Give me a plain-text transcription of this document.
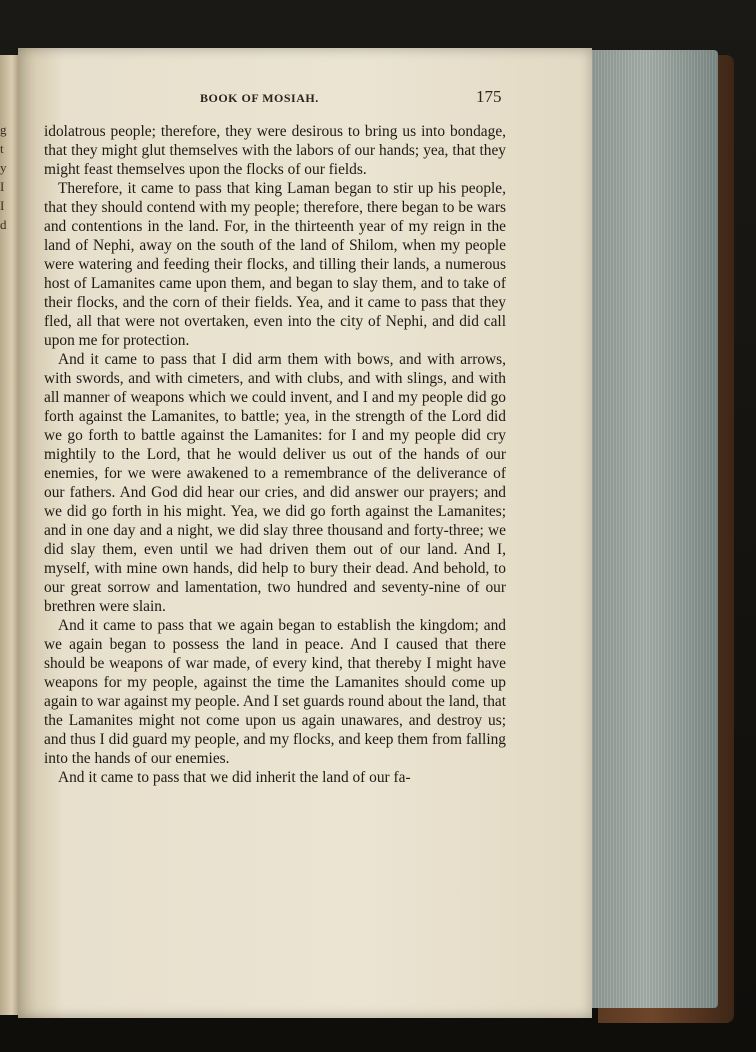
g
t
y
I
I
d
BOOK OF MOSIAH.	175

idolatrous people; therefore, they were desirous to bring us into bondage, that they might glut themselves with the labors of our hands; yea, that they might feast themselves upon the flocks of our fields.

Therefore, it came to pass that king Laman began to stir up his people, that they should contend with my people; therefore, there began to be wars and contentions in the land. For, in the thirteenth year of my reign in the land of Nephi, away on the south of the land of Shilom, when my people were watering and feeding their flocks, and tilling their lands, a numerous host of Lamanites came upon them, and began to slay them, and to take of their flocks, and the corn of their fields. Yea, and it came to pass that they fled, all that were not overtaken, even into the city of Nephi, and did call upon me for protection.

And it came to pass that I did arm them with bows, and with arrows, with swords, and with cimeters, and with clubs, and with slings, and with all manner of weapons which we could invent, and I and my people did go forth against the Lamanites, to battle; yea, in the strength of the Lord did we go forth to battle against the Lamanites: for I and my people did cry mightily to the Lord, that he would deliver us out of the hands of our enemies, for we were awakened to a remembrance of the deliverance of our fathers. And God did hear our cries, and did answer our prayers; and we did go forth in his might. Yea, we did go forth against the Lamanites; and in one day and a night, we did slay three thousand and forty-three; we did slay them, even until we had driven them out of our land. And I, myself, with mine own hands, did help to bury their dead. And behold, to our great sorrow and lamentation, two hundred and seventy-nine of our brethren were slain.

And it came to pass that we again began to establish the kingdom; and we again began to possess the land in peace. And I caused that there should be weapons of war made, of every kind, that thereby I might have weapons for my people, against the time the Lamanites should come up again to war against my people. And I set guards round about the land, that the Lamanites might not come upon us again unawares, and destroy us; and thus I did guard my people, and my flocks, and keep them from falling into the hands of our enemies.

And it came to pass that we did inherit the land of our fa-
